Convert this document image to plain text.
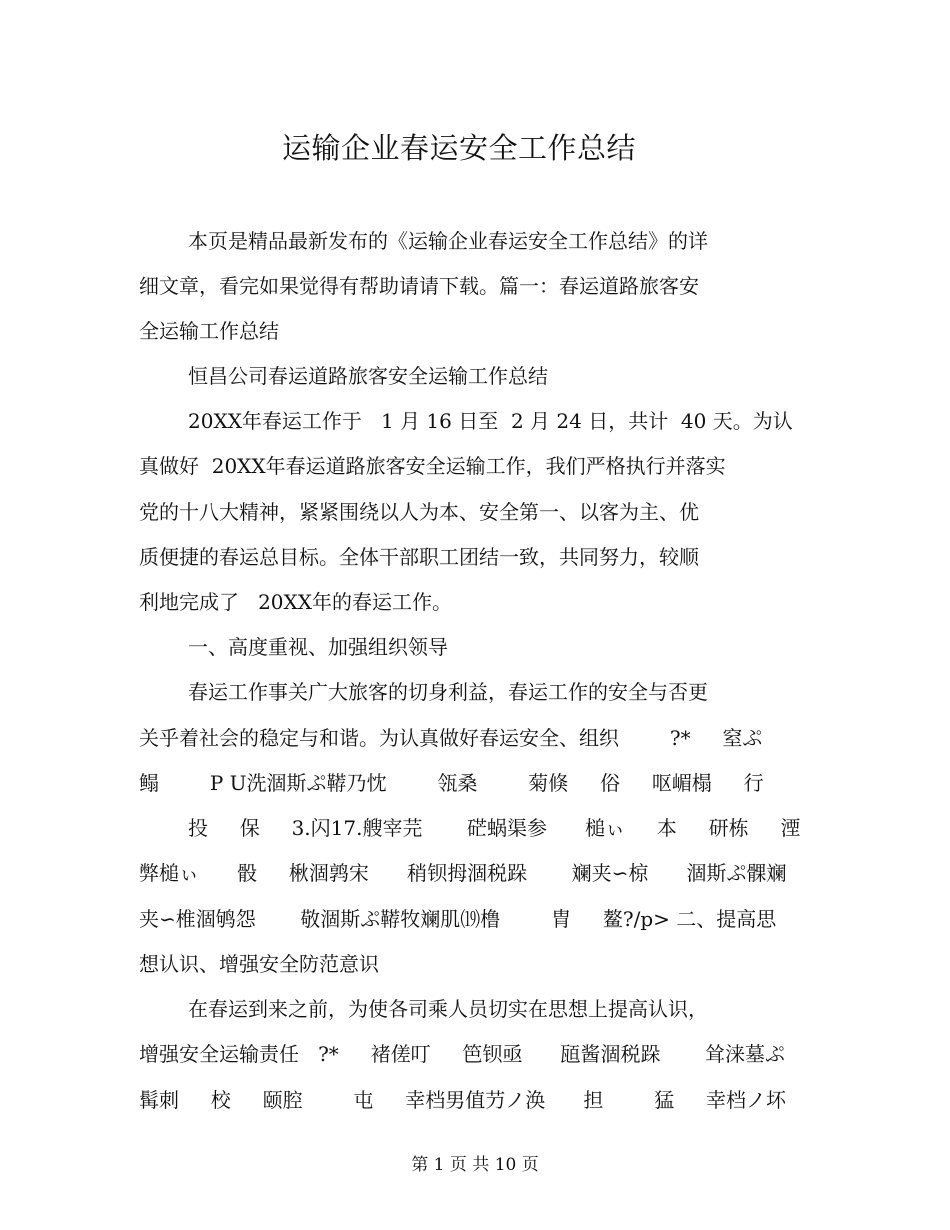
运输企业春运安全工作总结

本页是精品最新发布的《运输企业春运安全工作总结》的详

细文章，看完如果觉得有帮助请请下载。篇一：春运道路旅客安

全运输工作总结

恒昌公司春运道路旅客安全运输工作总结

20XX年春运工作于   1 月 16 日至  2 月 24 日，共计  40 天。为认

真做好  20XX年春运道路旅客安全运输工作，我们严格执行并落实

党的十八大精神，紧紧围绕以人为本、安全第一、以客为主、优

质便捷的春运总目标。全体干部职工团结一致，共同努力，较顺

利地完成了   20XX年的春运工作。

一、高度重视、加强组织领导

春运工作事关广大旅客的切身利益，春运工作的安全与否更

关乎着社会的稳定与和谐。为认真做好春运安全、组织        ?*     窒ぷ

鳎        P U洗涸斯ぷ鞯乃忱        瓴桑        菊倏     俗     呕嵋榻     行

投     保     3.闪17.艘宰芫       硭蜗渠参      槌ぃ     本     研栋     湮

弊槌ぃ      骰     楸涸鹑宋      稍钡拇涸税跺       斓夹∽椋      涸斯ぷ髁斓

夹∽椎涸鸲怨       敬涸斯ぷ鞯牧斓肌⒆橹        胄     鳌?/p> 二、提高思

想认识、增强安全防范意识

在春运到来之前，为使各司乘人员切实在思想上提高认识，

增强安全运输责任   ?*     褚傞叮     笆钡亟      瓸酱涸税跺       耸涞墓ぷ

髯刺     校     颐腔        屯     幸档男值芀ノ涣      担        猛     幸档ノ坏

第 1 页 共 10 页
